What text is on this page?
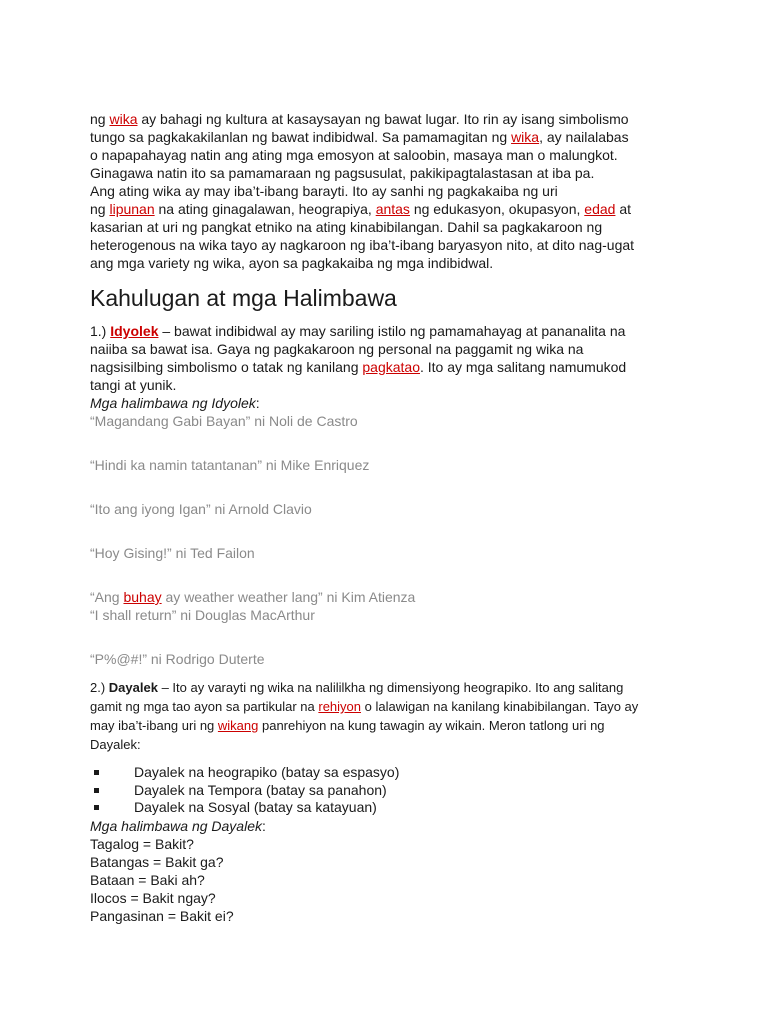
ng wika ay bahagi ng kultura at kasaysayan ng bawat lugar. Ito rin ay isang simbolismo

tungo sa pagkakakilanlan ng bawat indibidwal. Sa pamamagitan ng wika, ay nailalabas

o napapahayag natin ang ating mga emosyon at saloobin, masaya man o malungkot.

Ginagawa natin ito sa pamamaraan ng pagsusulat, pakikipagtalastasan at iba pa.

Ang ating wika ay may iba’t-ibang barayti. Ito ay sanhi ng pagkakaiba ng uri

ng lipunan na ating ginagalawan, heograpiya, antas ng edukasyon, okupasyon, edad at

kasarian at uri ng pangkat etniko na ating kinabibilangan. Dahil sa pagkakaroon ng

heterogenous na wika tayo ay nagkaroon ng iba’t-ibang baryasyon nito, at dito nag-ugat

ang mga variety ng wika, ayon sa pagkakaiba ng mga indibidwal.

Kahulugan at mga Halimbawa

1.) Idyolek – bawat indibidwal ay may sariling istilo ng pamamahayag at pananalita na

naiiba sa bawat isa. Gaya ng pagkakaroon ng personal na paggamit ng wika na

nagsisilbing simbolismo o tatak ng kanilang pagkatao. Ito ay mga salitang namumukod

tangi at yunik.

Mga halimbawa ng Idyolek:

“Magandang Gabi Bayan” ni Noli de Castro

“Hindi ka namin tatantanan” ni Mike Enriquez

“Ito ang iyong Igan” ni Arnold Clavio

“Hoy Gising!” ni Ted Failon

“Ang buhay ay weather weather lang” ni Kim Atienza

“I shall return” ni Douglas MacArthur

“P%@#!” ni Rodrigo Duterte

2.) Dayalek – Ito ay varayti ng wika na nalililkha ng dimensiyong heograpiko. Ito ang salitang

gamit ng mga tao ayon sa partikular na rehiyon o lalawigan na kanilang kinabibilangan. Tayo ay

may iba’t-ibang uri ng wikang panrehiyon na kung tawagin ay wikain. Meron tatlong uri ng

Dayalek:

Dayalek na heograpiko (batay sa espasyo)
Dayalek na Tempora (batay sa panahon)
Dayalek na Sosyal (batay sa katayuan)

Mga halimbawa ng Dayalek:

Tagalog = Bakit?

Batangas = Bakit ga?

Bataan = Baki ah?

Ilocos = Bakit ngay?

Pangasinan = Bakit ei?
